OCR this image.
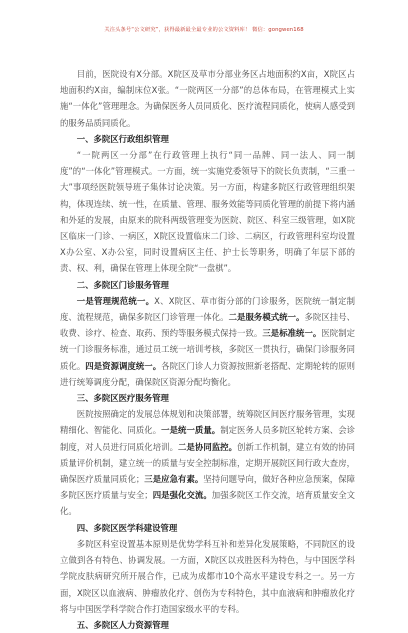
关注头条号“公文研究”，获得最新最全最专业的公文资料库！ 微信：gongwen168

目前，医院设有X分部。X院区及草市分部业务区占地面积约X亩，X院区占地面积约X亩，编制床位X张。“一院两区一分部”的总体布局，在管理模式上实施“一体化”管理理念。为确保医务人员同质化、医疗流程同质化，使病人感受到的服务品质同质化。

一、多院区行政组织管理

“一院两区一分部”在行政管理上执行“同一品牌、同一法人、同一制度”的“一体化”管理模式。一方面，统一实施党委领导下的院长负责制，“三重一大”事项经医院领导班子集体讨论决策。另一方面，构建多院区行政管理组织架构，体现连续、统一性，在质量、管理、服务效能等同质化管理的前提下将内涵和外延的发展，由原来的院科两级管理变为医院、院区、科室三级管理，如X院区临床一门诊、一病区，X院区设置临床二门诊、二病区，行政管理科室均设置X办公室、X办公室，同时设置病区主任、护士长等职务，明确了年层下部的责、权、利，确保在管理上体现全院“一盘棋”。

二、多院区门诊服务管理

一是管理规范统一。X、X院区、草市街分部的门诊服务，医院统一制定制度、流程规范，确保多院区门诊管理一体化。二是服务模式统一。多院区挂号、收费、诊疗、检查、取药、预约等服务模式保持一致。三是标准统一。医院制定统一门诊服务标准，通过员工统一培训考核，多院区一贯执行，确保门诊服务同质化。四是资源调度统一。各院区门诊人力资源按照新老搭配、定期轮转的原则进行统筹调度分配，确保院区资源分配均衡化。

三、多院区医疗服务管理

医院按照确定的发展总体规划和决策部署，统筹院区间医疗服务管理，实现精细化、智能化、同质化。一是统一质量。制定医务人员多院区轮转方案、会诊制度，对人员进行同质化培训。二是协同监控。创新工作机制，建立有效的协同质量评价机制，建立统一的质量与安全控制标准，定期开展院区间行政大查房，确保医疗质量同质化；三是应急有素。坚持问题导向，做好各种应急预案，保障多院区医疗质量与安全；四是强化交流。加强多院区工作交流，培育质量安全文化。

四、多院区医学科建设管理

多院区科室设置基本原则是优势学科互补和差异化发展策略，不同院区的设立做到各有特色、协调发展。一方面，X院区以戎胜医科为特色，与中国医学科学院皮肤病研究所开展合作，已成为成都市10个高水平建设专科之一。另一方面，X院区以血液病、肿瘤放化疗、创伤为专科特色，其中血液病和肿瘤放化疗将与中国医学科学院合作打造国家级水平的专科。

五、多院区人力资源管理
